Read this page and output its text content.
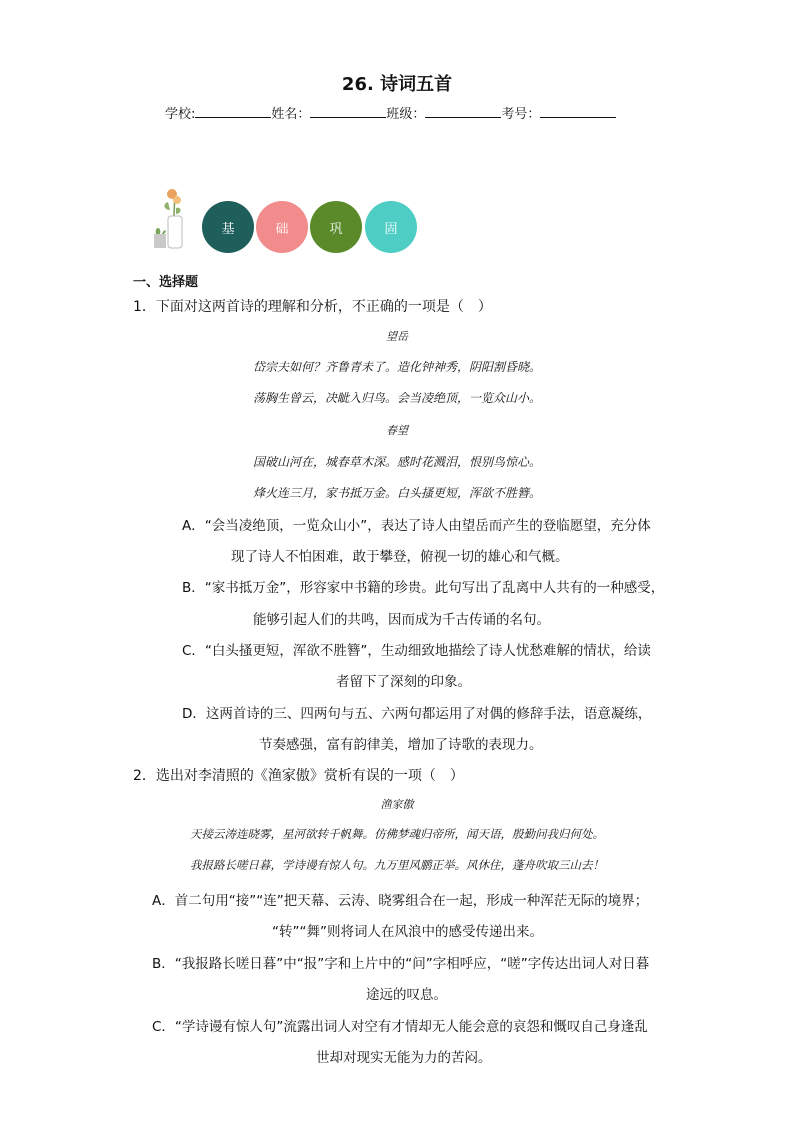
26. 诗词五首
学校:	姓名：	班级：	考号：
基	础	巩	固
一、选择题
1．下面对这两首诗的理解和分析，不正确的一项是（　）
望岳
岱宗夫如何？齐鲁青未了。造化钟神秀，阴阳割昏晓。
荡胸生曾云，决眦入归鸟。会当凌绝顶，一览众山小。
春望
国破山河在，城春草木深。感时花溅泪，恨别鸟惊心。
烽火连三月，家书抵万金。白头搔更短，浑欲不胜簪。
A．“会当凌绝顶，一览众山小”，表达了诗人由望岳而产生的登临愿望，充分体
现了诗人不怕困难，敢于攀登，俯视一切的雄心和气概。
B．“家书抵万金”，形容家中书籍的珍贵。此句写出了乱离中人共有的一种感受，
能够引起人们的共鸣，因而成为千古传诵的名句。
C．“白头搔更短，浑欲不胜簪”，生动细致地描绘了诗人忧愁难解的情状，给读
者留下了深刻的印象。
D．这两首诗的三、四两句与五、六两句都运用了对偶的修辞手法，语意凝练，
节奏感强，富有韵律美，增加了诗歌的表现力。
2．选出对李清照的《渔家傲》赏析有误的一项（　）
渔家傲
天接云涛连晓雾，星河欲转千帆舞。仿佛梦魂归帝所，闻天语，殷勤问我归何处。
我报路长嗟日暮，学诗谩有惊人句。九万里风鹏正举。风休住，蓬舟吹取三山去！
A．首二句用“接”“连”把天幕、云涛、晓雾组合在一起，形成一种浑茫无际的境界；
“转”“舞”则将词人在风浪中的感受传递出来。
B．“我报路长嗟日暮”中“报”字和上片中的“问”字相呼应，“嗟”字传达出词人对日暮
途远的叹息。
C．“学诗谩有惊人句”流露出词人对空有才情却无人能会意的哀怨和慨叹自己身逢乱
世却对现实无能为力的苦闷。
